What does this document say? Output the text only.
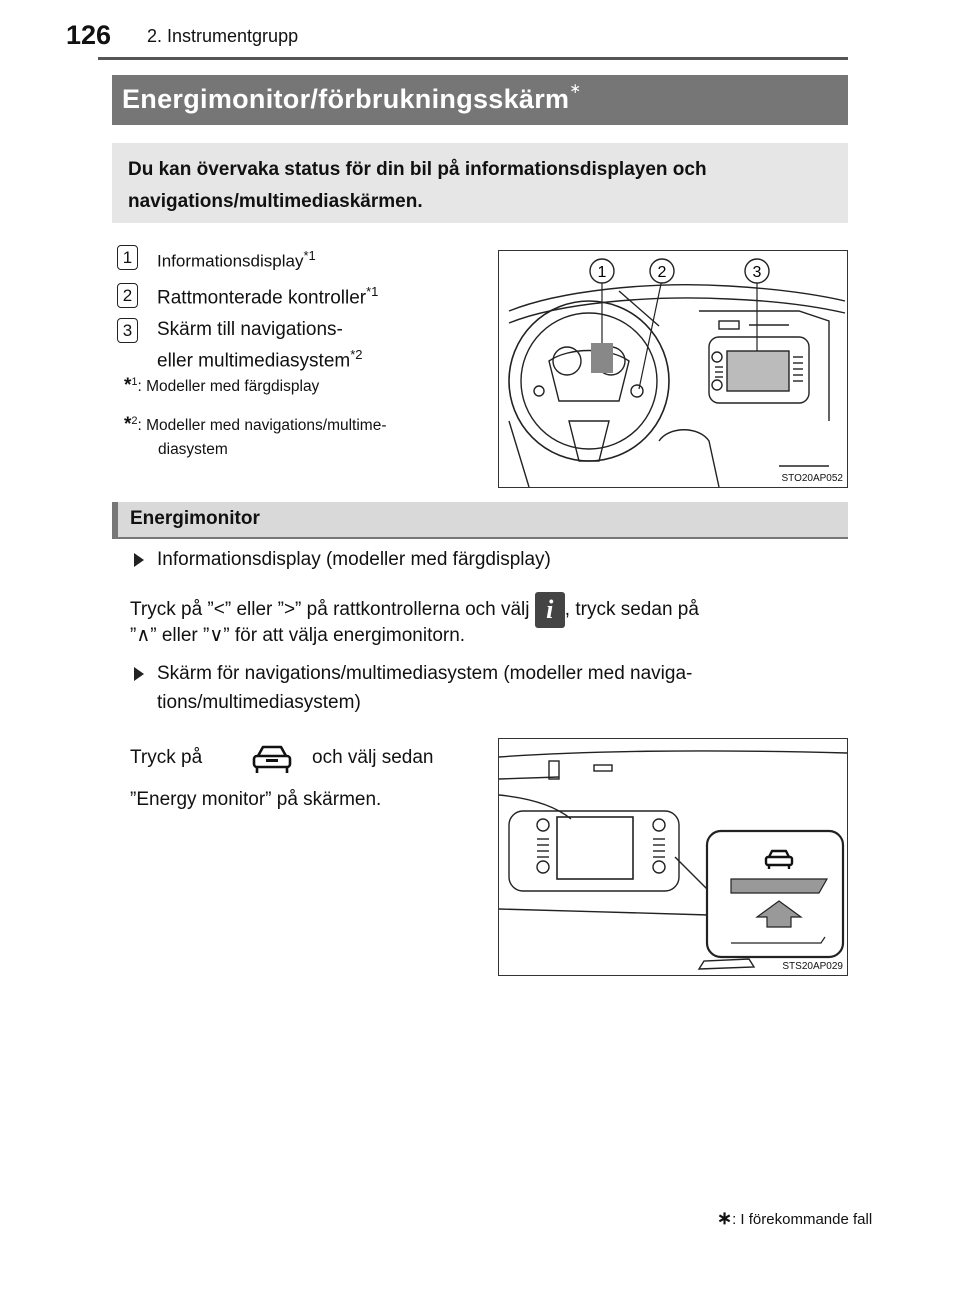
126 2. Instrumentgrupp
Energimonitor/förbrukningsskärm∗
Du kan övervaka status för din bil på informationsdisplayen och navigations/multimediaskärmen.
1	Informationsdisplay$^{*1}$
2	Rattmonterade kontroller$^{*1}$
3	Skärm till navigations-
eller multimediasystem$^{*2}$
*$^1$: Modeller med färgdisplay
*$^2$: Modeller med navigations/multime-
diasystem
1	2	3
STO20AP052
Energimonitor
Informationsdisplay (modeller med färgdisplay)
Tryck på ”<” eller ”>” på rattkontrollerna och välj i , tryck sedan på
”∧” eller ”∨” för att välja energimonitorn.
Skärm för navigations/multimediasystem (modeller med naviga-
tions/multimediasystem)
Tryck på	och välj sedan
”Energy monitor” på skärmen.
STS20AP029
∗: I förekommande fall
